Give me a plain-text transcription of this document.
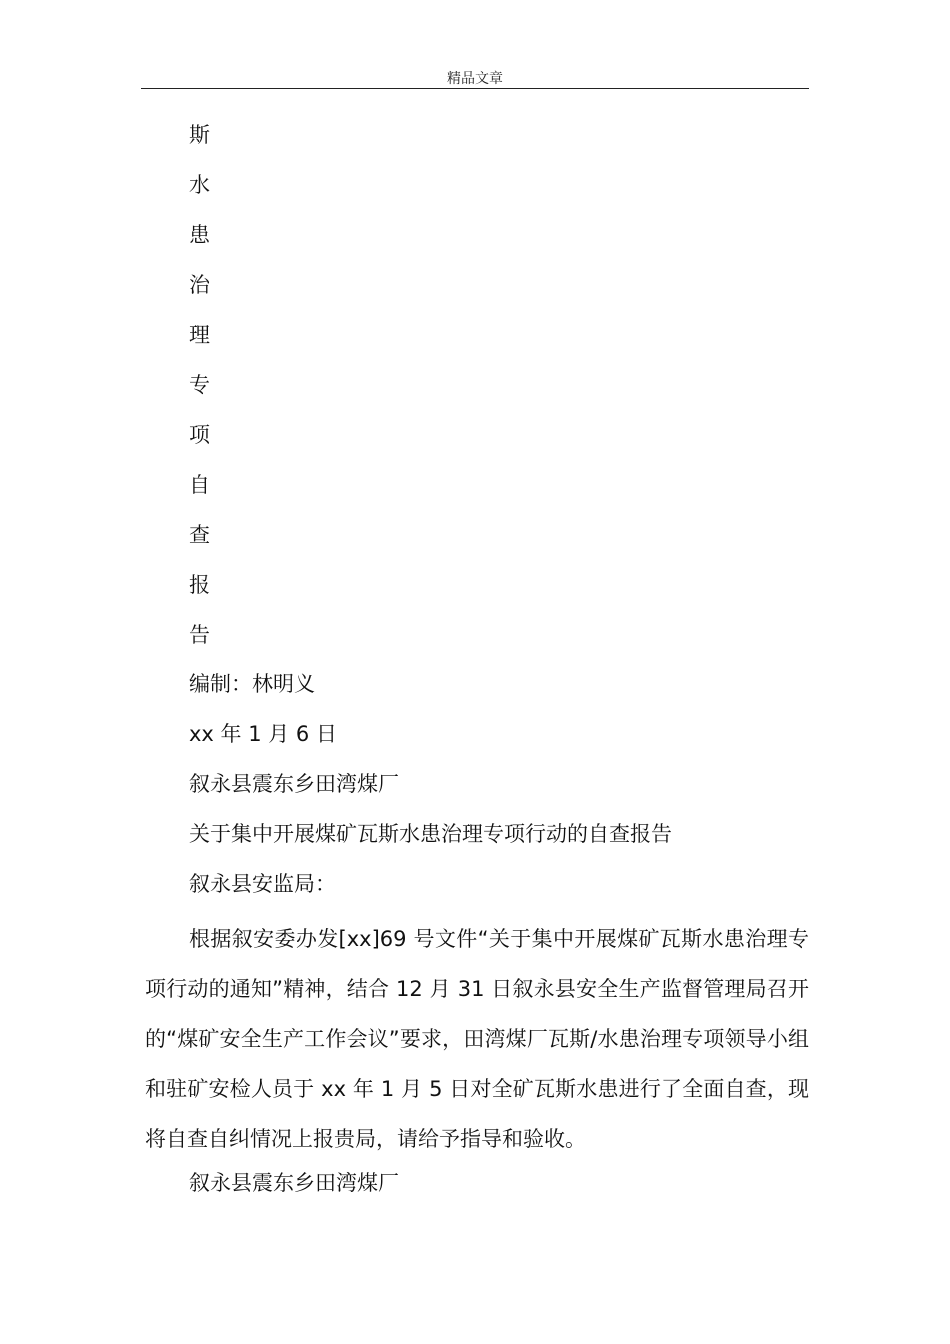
精品文章
斯
水
患
治
理
专
项
自
查
报
告
编制：林明义
xx 年 1 月 6 日
叙永县震东乡田湾煤厂
关于集中开展煤矿瓦斯水患治理专项行动的自查报告
叙永县安监局：

根据叙安委办发[xx]69 号文件“关于集中开展煤矿瓦斯水患治理专项行动的通知”精神，结合 12 月 31 日叙永县安全生产监督管理局召开的“煤矿安全生产工作会议”要求，田湾煤厂瓦斯/水患治理专项领导小组和驻矿安检人员于 xx 年 1 月 5 日对全矿瓦斯水患进行了全面自查，现将自查自纠情况上报贵局，请给予指导和验收。

叙永县震东乡田湾煤厂
